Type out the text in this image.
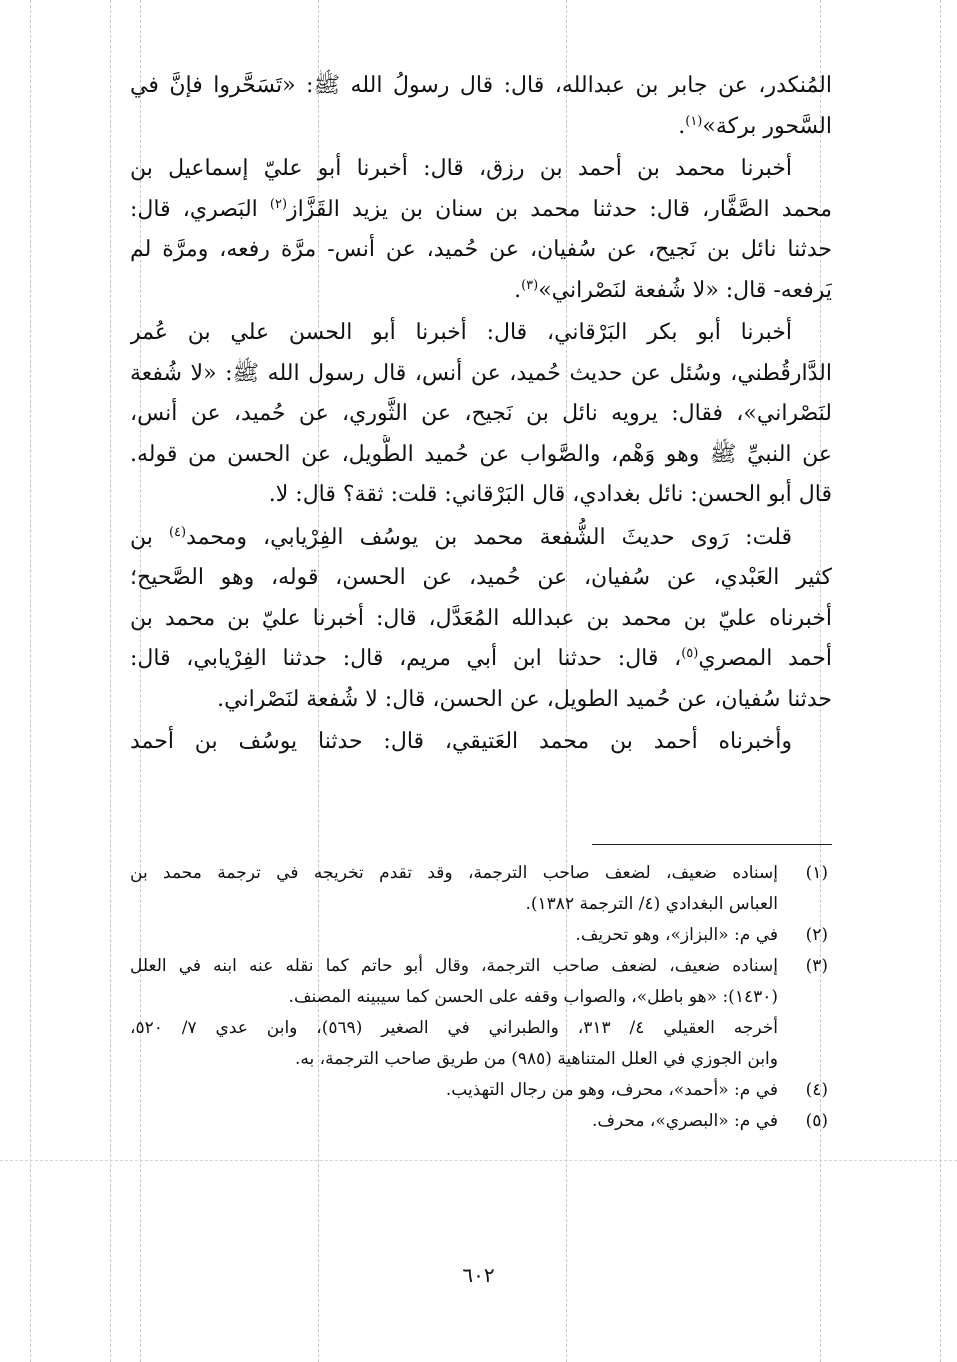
المُنكدر، عن جابر بن عبدالله، قال: قال رسولُ الله ﷺ: «تَسَحَّروا فإنَّ في
السَّحور بركة»$^{(١)}$.
أخبرنا محمد بن أحمد بن رزق، قال: أخبرنا أبو عليّ إسماعيل بن
محمد الصَّفَّار، قال: حدثنا محمد بن سنان بن يزيد القَزَّاز$^{(٢)}$ البَصري، قال:
حدثنا نائل بن نَجيح، عن سُفيان، عن حُميد، عن أنس- مرَّة رفعه، ومرَّة لم
يَرفعه- قال: «لا شُفعة لنَصْراني»$^{(٣)}$.
أخبرنا أبو بكر البَرْقاني، قال: أخبرنا أبو الحسن علي بن عُمر
الدَّارقُطني، وسُئل عن حديث حُميد، عن أنس، قال رسول الله ﷺ: «لا شُفعة
لنَصْراني»، فقال: يرويه نائل بن نَجيح، عن الثَّوري، عن حُميد، عن أنس،
عن النبيِّ ﷺ وهو وَهْم، والصَّواب عن حُميد الطُّويل، عن الحسن من قوله.
قال أبو الحسن: نائل بغدادي، قال البَرْقاني: قلت: ثقة؟ قال: لا.
قلت: رَوى حديثَ الشُّفعة محمد بن يوسُف الفِرْيابي، ومحمد$^{(٤)}$ بن
كثير العَبْدي، عن سُفيان، عن حُميد، عن الحسن، قوله، وهو الصَّحيح؛
أخبرناه عليّ بن محمد بن عبدالله المُعَدَّل، قال: أخبرنا عليّ بن محمد بن
أحمد المصري$^{(٥)}$، قال: حدثنا ابن أبي مريم، قال: حدثنا الفِرْيابي، قال:
حدثنا سُفيان، عن حُميد الطويل، عن الحسن، قال: لا شُفعة لنَصْراني.
وأخبرناه أحمد بن محمد العَتيقي، قال: حدثنا يوسُف بن أحمد
(١)
إسناده ضعيف، لضعف صاحب الترجمة، وقد تقدم تخريجه في ترجمة محمد بن
العباس البغدادي (٤/ الترجمة ١٣٨٢).
(٢)
في م: «البزاز»، وهو تحريف.
(٣)
إسناده ضعيف، لضعف صاحب الترجمة، وقال أبو حاتم كما نقله عنه ابنه في العلل
(١٤٣٠): «هو باطل»، والصواب وقفه على الحسن كما سيبينه المصنف.
أخرجه العقيلي ٤/ ٣١٣، والطبراني في الصغير (٥٦٩)، وابن عدي ٧/ ٥٢٠،
وابن الجوزي في العلل المتناهية (٩٨٥) من طريق صاحب الترجمة، به.
(٤)
في م: «أحمد»، محرف، وهو من رجال التهذيب.
(٥)
في م: «البصري»، محرف.
٦٠٢
